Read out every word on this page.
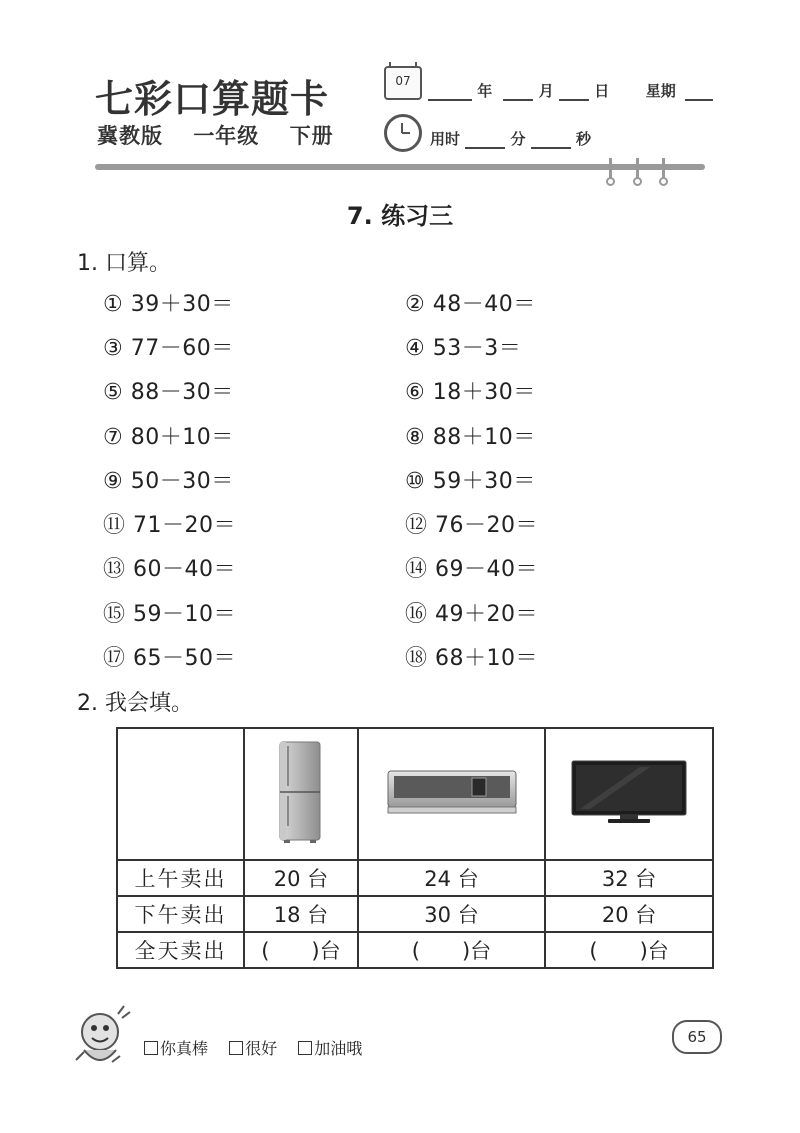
七彩口算题卡
冀教版 一年级 下册
07
年	月	日 星期
用时	分	秒
7. 练习三
1. 口算。
① 39＋30＝	② 48－40＝
③ 77－60＝	④ 53－3＝
⑤ 88－30＝	⑥ 18＋30＝
⑦ 80＋10＝	⑧ 88＋10＝
⑨ 50－30＝	⑩ 59＋30＝
⑪ 71－20＝	⑫ 76－20＝
⑬ 60－40＝	⑭ 69－40＝
⑮ 59－10＝	⑯ 49＋20＝
⑰ 65－50＝	⑱ 68＋10＝
2. 我会填。

上午卖出	20 台	24 台	32 台
下午卖出	18 台	30 台	20 台
全天卖出	(　　)台	(　　)台	(　　)台
你真棒 很好 加油哦
65
